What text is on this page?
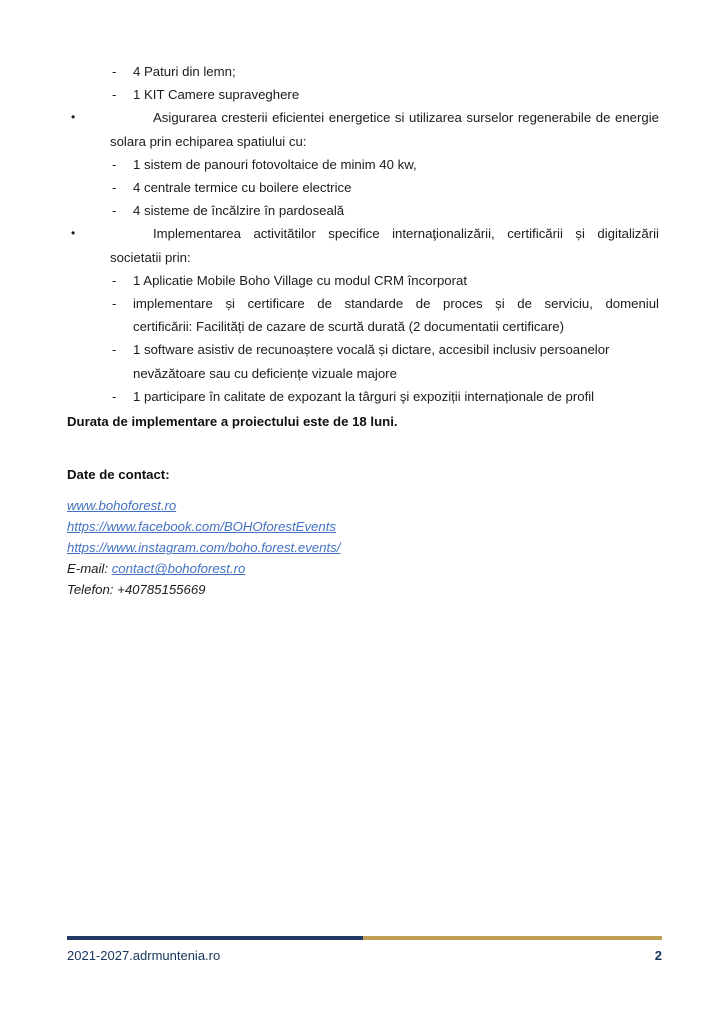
-	4 Paturi din lemn;
-	1 KIT Camere supraveghere
•	Asigurarea cresterii eficientei energetice si utilizarea surselor regenerabile de energie
solara prin echiparea spatiului cu:
-	1 sistem de panouri fotovoltaice de minim 40 kw,
-	4 centrale termice cu boilere electrice
-	4 sisteme de încălzire în pardoseală
•	Implementarea activitătilor specifice internaţionalizării, certificării și digitalizării
societatii prin:
-	1 Aplicatie Mobile Boho Village cu modul CRM încorporat
-	implementare și certificare de standarde de proces și de serviciu, domeniul
certificării: Facilități de cazare de scurtă durată (2 documentatii certificare)
-	1 software asistiv de recunoaștere vocală și dictare, accesibil inclusiv persoanelor
nevăzătoare sau cu deficiențe vizuale majore
-	1 participare în calitate de expozant la târguri şi expoziții internaționale de profil
Durata de implementare a proiectului este de 18 luni.
Date de contact:
www.bohoforest.ro
https://www.facebook.com/BOHOforestEvents
https://www.instagram.com/boho.forest.events/
E-mail: contact@bohoforest.ro
Telefon: +40785155669
2021-2027.adrmuntenia.ro	2
